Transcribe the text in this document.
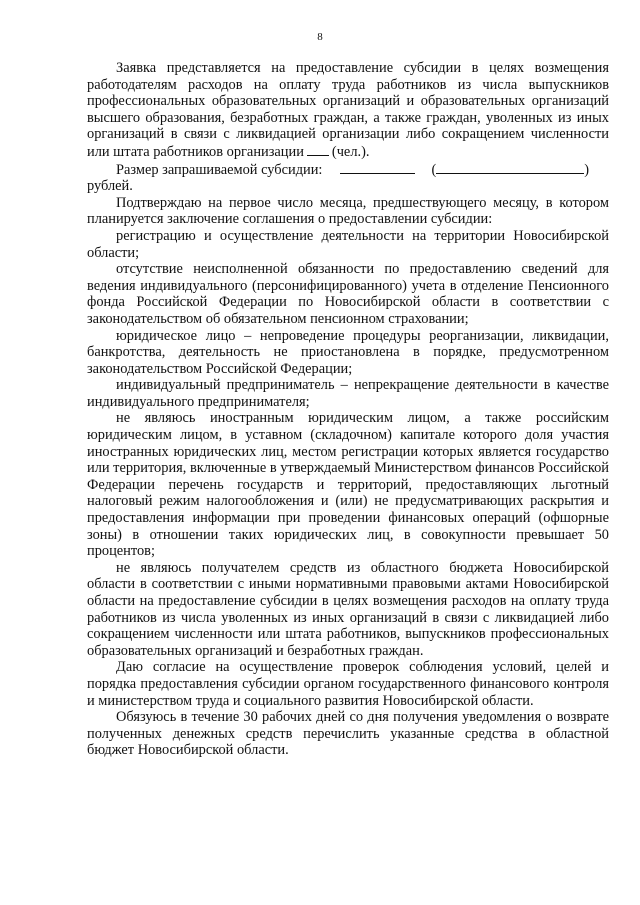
8

Заявка представляется на предоставление субсидии в целях возмещения работодателям расходов на оплату труда работников из числа выпускников профессиональных образовательных организаций и образовательных организаций высшего образования, безработных граждан, а также граждан, уволенных из иных организаций в связи с ликвидацией организации либо сокращением численности или штата работников организации (чел.).

Размер запрашиваемой субсидии:	(	)

рублей.

Подтверждаю на первое число месяца, предшествующего месяцу, в котором планируется заключение соглашения о предоставлении субсидии:

регистрацию и осуществление деятельности на территории Новосибирской области;

отсутствие неисполненной обязанности по предоставлению сведений для ведения индивидуального (персонифицированного) учета в отделение Пенсионного фонда Российской Федерации по Новосибирской области в соответствии с законодательством об обязательном пенсионном страховании;

юридическое лицо – непроведение процедуры реорганизации, ликвидации, банкротства, деятельность не приостановлена в порядке, предусмотренном законодательством Российской Федерации;

индивидуальный предприниматель – непрекращение деятельности в качестве индивидуального предпринимателя;

не являюсь иностранным юридическим лицом, а также российским юридическим лицом, в уставном (складочном) капитале которого доля участия иностранных юридических лиц, местом регистрации которых является государство или территория, включенные в утверждаемый Министерством финансов Российской Федерации перечень государств и территорий, предоставляющих льготный налоговый режим налогообложения и (или) не предусматривающих раскрытия и предоставления информации при проведении финансовых операций (офшорные зоны) в отношении таких юридических лиц, в совокупности превышает 50 процентов;

не являюсь получателем средств из областного бюджета Новосибирской области в соответствии с иными нормативными правовыми актами Новосибирской области на предоставление субсидии в целях возмещения расходов на оплату труда работников из числа уволенных из иных организаций в связи с ликвидацией либо сокращением численности или штата работников, выпускников профессиональных образовательных организаций и безработных граждан.

Даю согласие на осуществление проверок соблюдения условий, целей и порядка предоставления субсидии органом государственного финансового контроля и министерством труда и социального развития Новосибирской области.

Обязуюсь в течение 30 рабочих дней со дня получения уведомления о возврате полученных денежных средств перечислить указанные средства в областной бюджет Новосибирской области.
